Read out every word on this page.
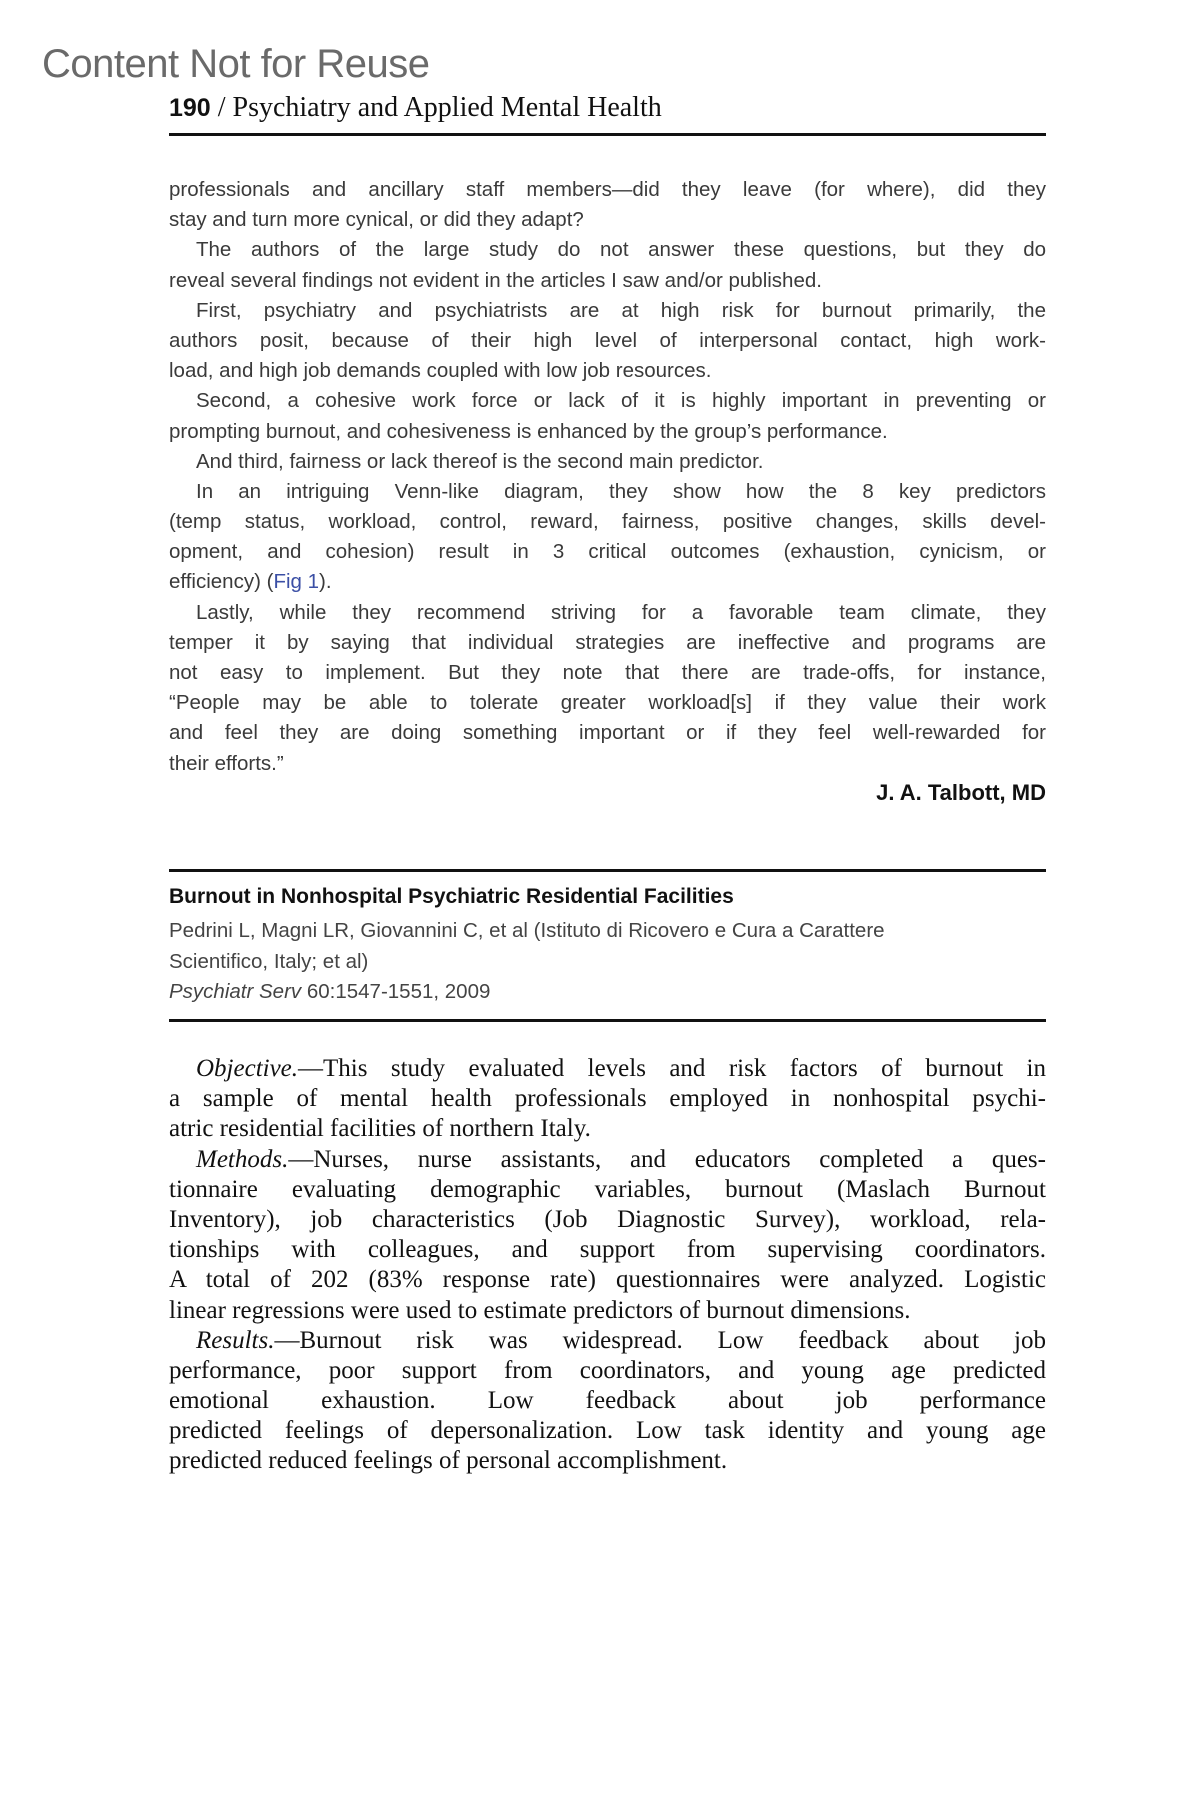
Content Not for Reuse
190 / Psychiatry and Applied Mental Health
professionals and ancillary staff members—did they leave (for where), did they
stay and turn more cynical, or did they adapt?
The authors of the large study do not answer these questions, but they do
reveal several findings not evident in the articles I saw and/or published.
First, psychiatry and psychiatrists are at high risk for burnout primarily, the
authors posit, because of their high level of interpersonal contact, high work-
load, and high job demands coupled with low job resources.
Second, a cohesive work force or lack of it is highly important in preventing or
prompting burnout, and cohesiveness is enhanced by the group’s performance.
And third, fairness or lack thereof is the second main predictor.
In an intriguing Venn-like diagram, they show how the 8 key predictors
(temp status, workload, control, reward, fairness, positive changes, skills devel-
opment, and cohesion) result in 3 critical outcomes (exhaustion, cynicism, or
efficiency) (Fig 1).
Lastly, while they recommend striving for a favorable team climate, they
temper it by saying that individual strategies are ineffective and programs are
not easy to implement. But they note that there are trade-offs, for instance,
“People may be able to tolerate greater workload[s] if they value their work
and feel they are doing something important or if they feel well-rewarded for
their efforts.”
J. A. Talbott, MD
Burnout in Nonhospital Psychiatric Residential Facilities
Pedrini L, Magni LR, Giovannini C, et al (Istituto di Ricovero e Cura a Carattere
Scientifico, Italy; et al)
Psychiatr Serv 60:1547-1551, 2009
Objective.—This study evaluated levels and risk factors of burnout in
a sample of mental health professionals employed in nonhospital psychi-
atric residential facilities of northern Italy.
Methods.—Nurses, nurse assistants, and educators completed a ques-
tionnaire evaluating demographic variables, burnout (Maslach Burnout
Inventory), job characteristics (Job Diagnostic Survey), workload, rela-
tionships with colleagues, and support from supervising coordinators.
A total of 202 (83% response rate) questionnaires were analyzed. Logistic
linear regressions were used to estimate predictors of burnout dimensions.
Results.—Burnout risk was widespread. Low feedback about job
performance, poor support from coordinators, and young age predicted
emotional exhaustion. Low feedback about job performance
predicted feelings of depersonalization. Low task identity and young age
predicted reduced feelings of personal accomplishment.
